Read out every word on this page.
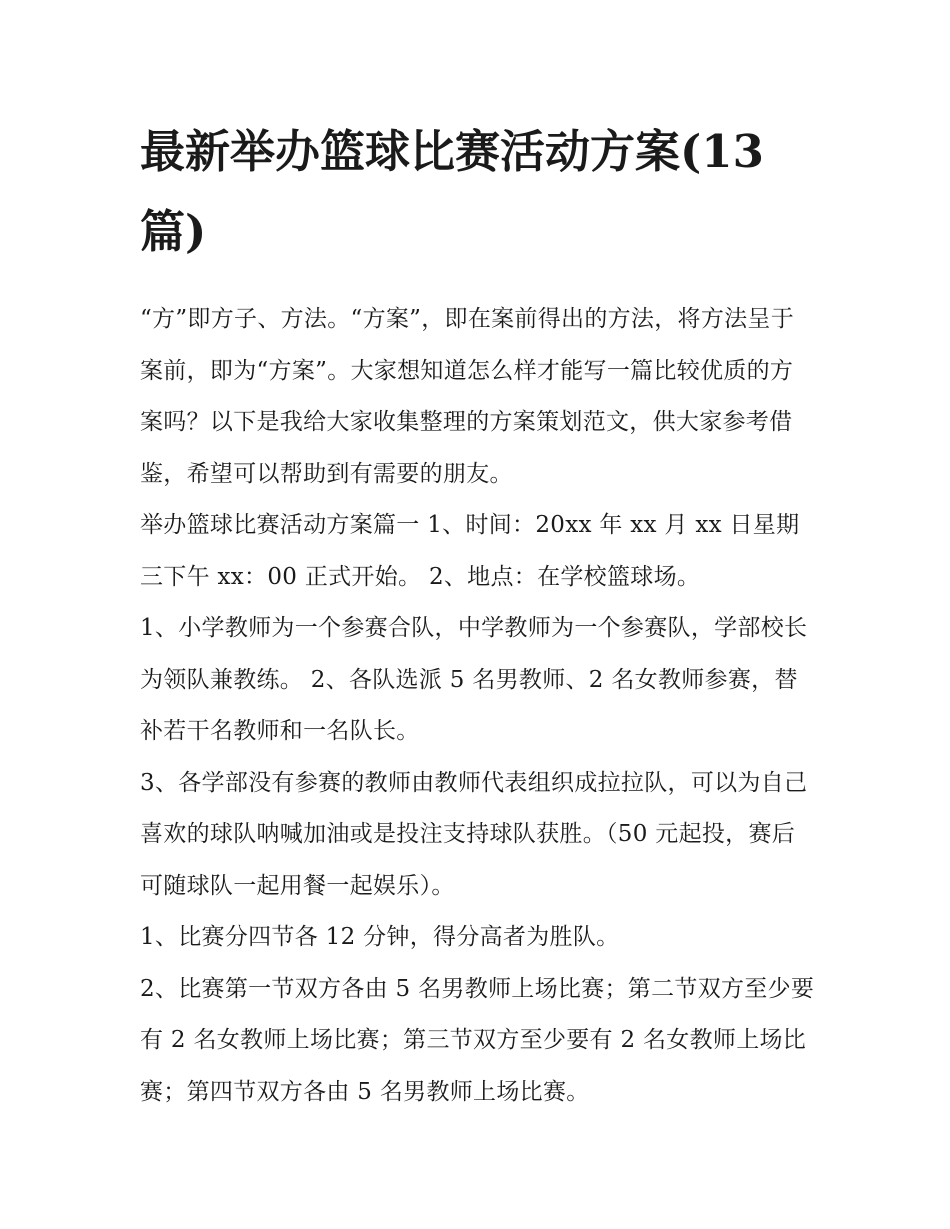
最新举办篮球比赛活动方案(13篇)

“方”即方子、方法。“方案”，即在案前得出的方法，将方法呈于案前，即为“方案”。大家想知道怎么样才能写一篇比较优质的方案吗？以下是我给大家收集整理的方案策划范文，供大家参考借鉴，希望可以帮助到有需要的朋友。

举办篮球比赛活动方案篇一 1、时间：20xx 年 xx 月 xx 日星期三下午 xx：00 正式开始。 2、地点：在学校篮球场。

1、小学教师为一个参赛合队，中学教师为一个参赛队，学部校长为领队兼教练。 2、各队选派 5 名男教师、2 名女教师参赛，替补若干名教师和一名队长。

3、各学部没有参赛的教师由教师代表组织成拉拉队，可以为自己喜欢的球队呐喊加油或是投注支持球队获胜。（50 元起投，赛后可随球队一起用餐一起娱乐）。

1、比赛分四节各 12 分钟，得分高者为胜队。

2、比赛第一节双方各由 5 名男教师上场比赛；第二节双方至少要有 2 名女教师上场比赛；第三节双方至少要有 2 名女教师上场比赛；第四节双方各由 5 名男教师上场比赛。
